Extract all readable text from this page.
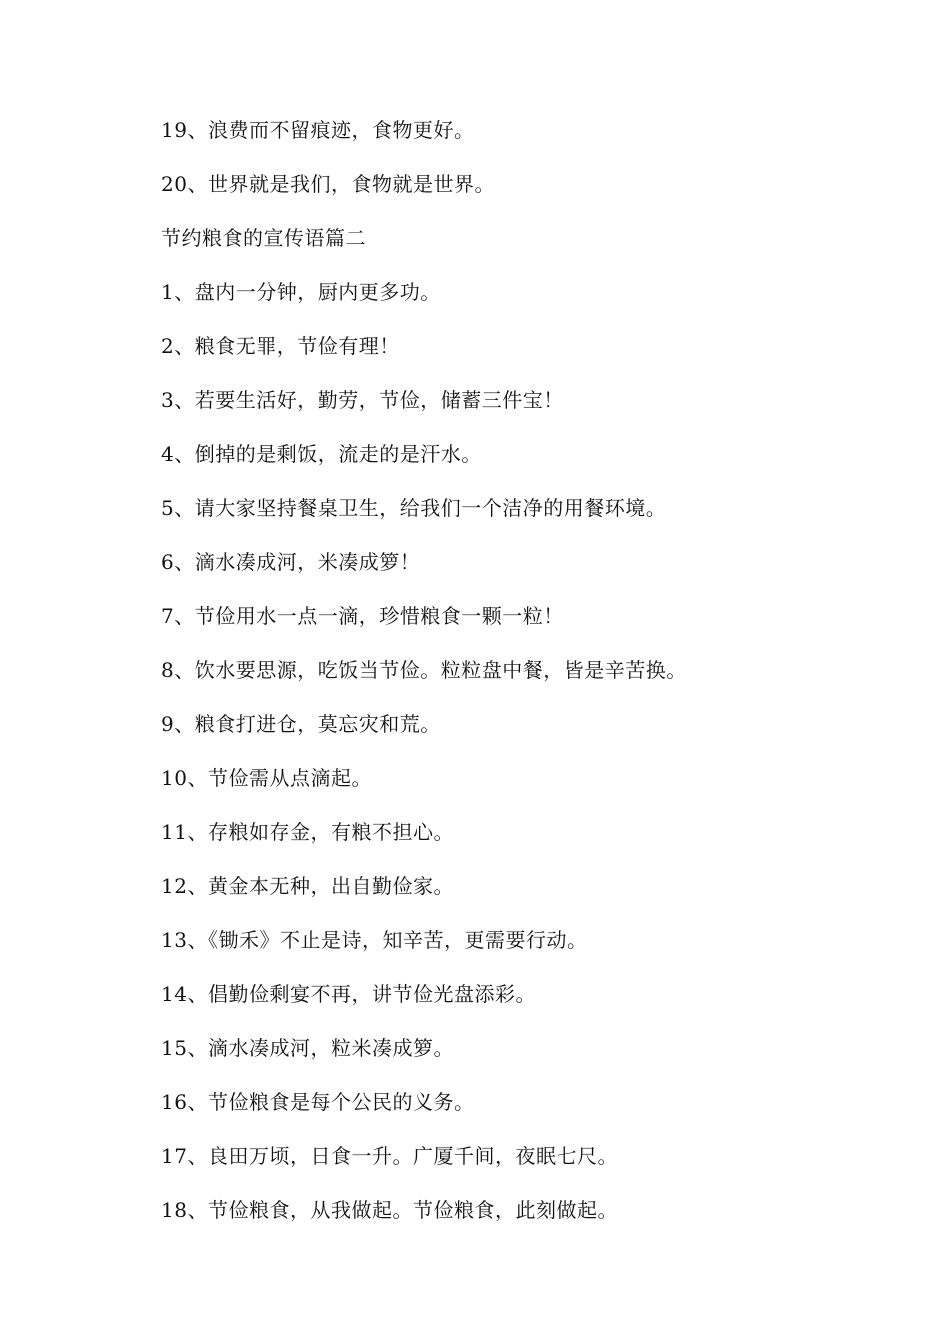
19、浪费而不留痕迹，食物更好。
20、世界就是我们，食物就是世界。
节约粮食的宣传语篇二
1、盘内一分钟，厨内更多功。
2、粮食无罪，节俭有理！
3、若要生活好，勤劳，节俭，储蓄三件宝！
4、倒掉的是剩饭，流走的是汗水。
5、请大家坚持餐桌卫生，给我们一个洁净的用餐环境。
6、滴水凑成河，米凑成箩！
7、节俭用水一点一滴，珍惜粮食一颗一粒！
8、饮水要思源，吃饭当节俭。粒粒盘中餐，皆是辛苦换。
9、粮食打进仓，莫忘灾和荒。
10、节俭需从点滴起。
11、存粮如存金，有粮不担心。
12、黄金本无种，出自勤俭家。
13、《锄禾》不止是诗，知辛苦，更需要行动。
14、倡勤俭剩宴不再，讲节俭光盘添彩。
15、滴水凑成河，粒米凑成箩。
16、节俭粮食是每个公民的义务。
17、良田万顷，日食一升。广厦千间，夜眠七尺。
18、节俭粮食，从我做起。节俭粮食，此刻做起。
